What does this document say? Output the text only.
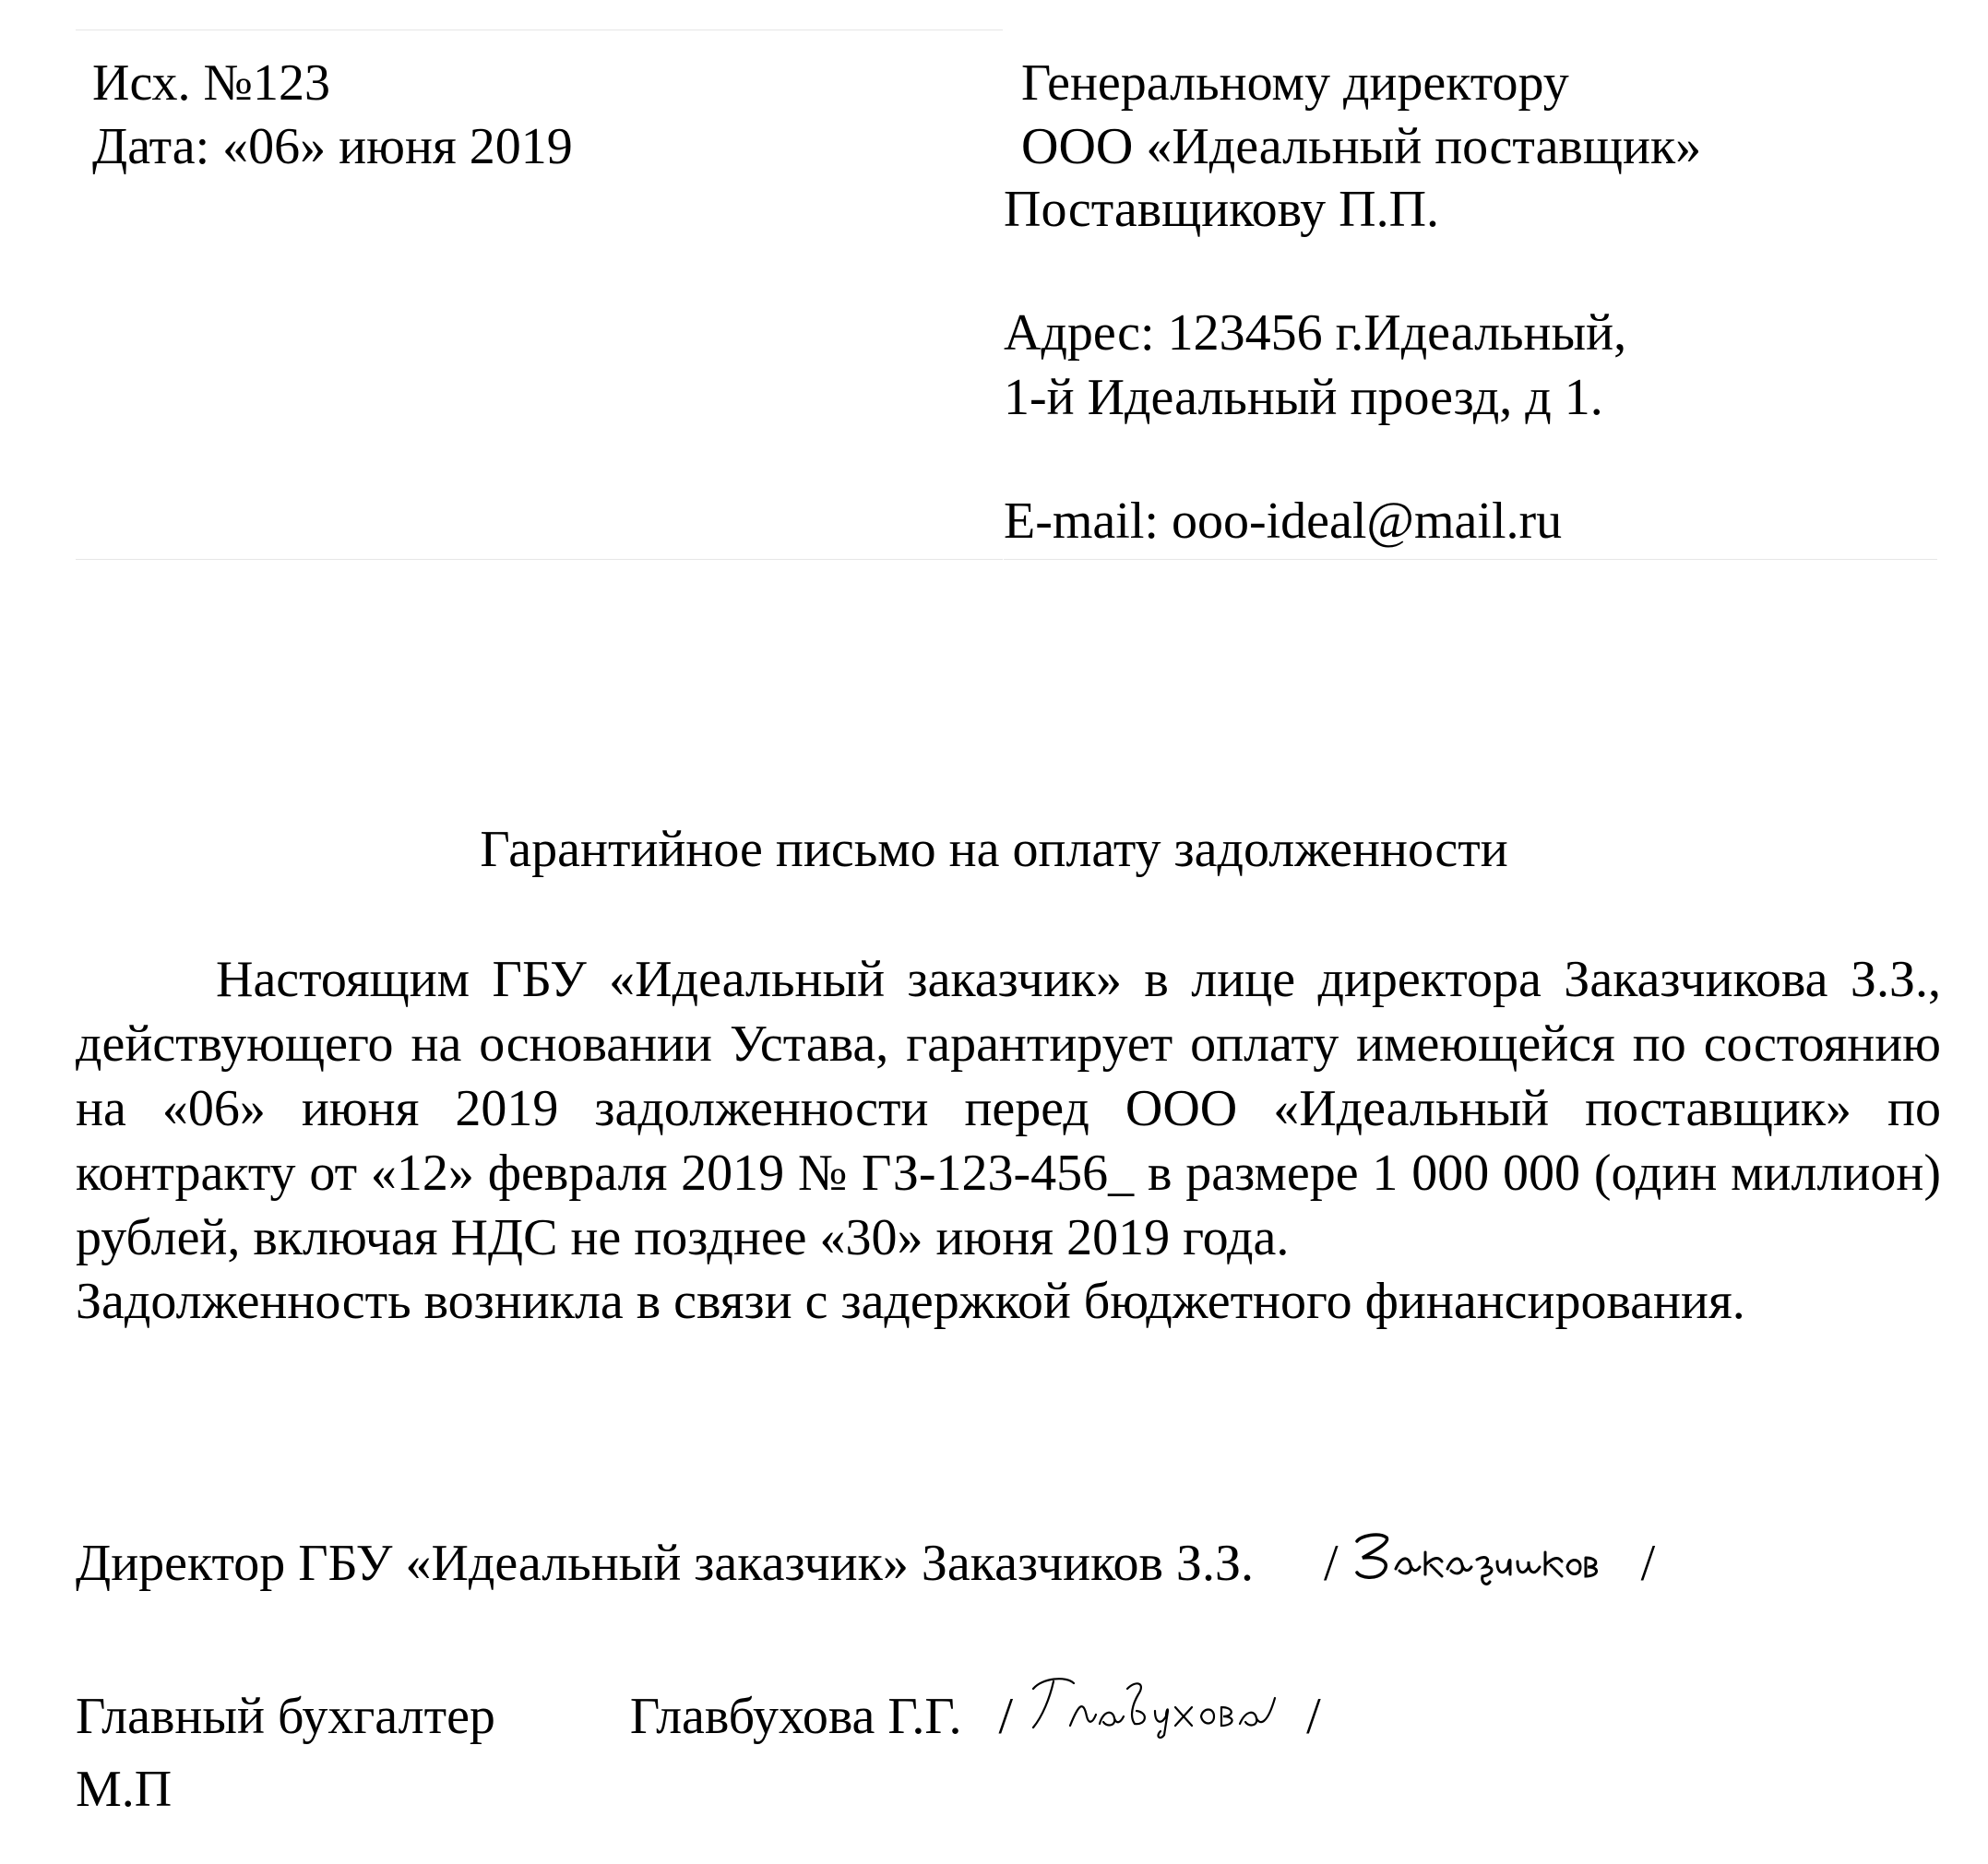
Исх. №123
Дата: «06» июня 2019
Генеральному директору
ООО «Идеальный поставщик»
Поставщикову П.П.
Адрес: 123456 г.Идеальный,
1-й Идеальный проезд, д 1.
E-mail: ooo-ideal@mail.ru
Гарантийное письмо на оплату задолженности
Настоящим ГБУ «Идеальный заказчик» в лице директора Заказчикова З.З., действующего на основании Устава, гарантирует оплату имеющейся по состоянию на «06» июня 2019 задолженности перед ООО «Идеальный поставщик» по контракту от «12» февраля 2019 № ГЗ-123-456_ в размере 1 000 000 (один миллион) рублей, включая НДС не позднее «30» июня 2019 года.
Задолженность возникла в связи с задержкой бюджетного финансирования.
Директор ГБУ «Идеальный заказчик» Заказчиков З.З. /	/
Главный бухгалтер	Главбухова Г.Г. /	/
М.П
